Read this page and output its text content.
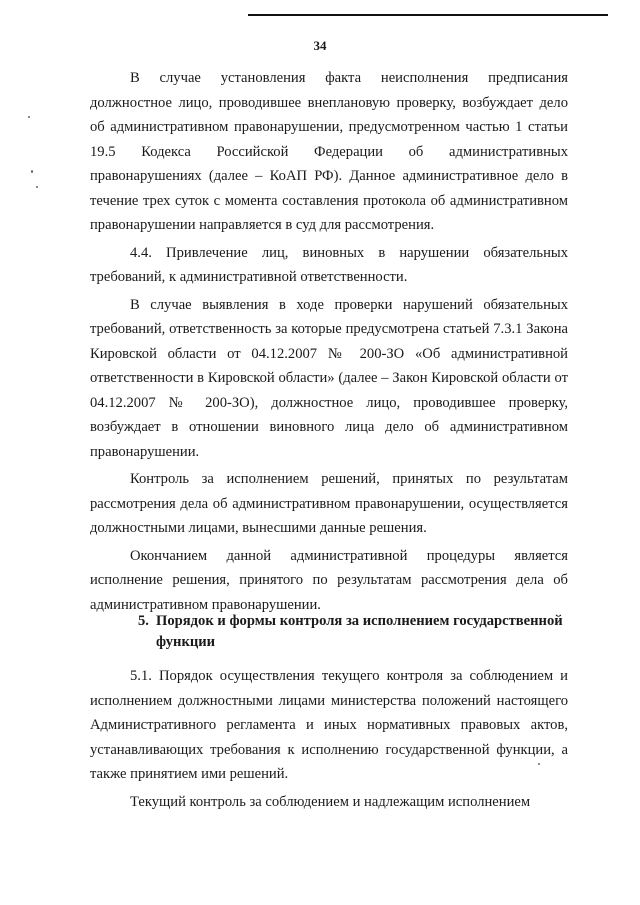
34

В случае установления факта неисполнения предписания должностное лицо, проводившее внеплановую проверку, возбуждает дело об административном правонарушении, предусмотренном частью 1 статьи 19.5 Кодекса Российской Федерации об административных правонарушениях (далее – КоАП РФ). Данное административное дело в течение трех суток с момента составления протокола об административном правонарушении направляется в суд для рассмотрения.

4.4. Привлечение лиц, виновных в нарушении обязательных требований, к административной ответственности.

В случае выявления в ходе проверки нарушений обязательных требований, ответственность за которые предусмотрена статьей 7.3.1 Закона Кировской области от 04.12.2007 № 200-ЗО «Об административной ответственности в Кировской области» (далее – Закон Кировской области от 04.12.2007 № 200-ЗО), должностное лицо, проводившее проверку, возбуждает в отношении виновного лица дело об административном правонарушении.

Контроль за исполнением решений, принятых по результатам рассмотрения дела об административном правонарушении, осуществляется должностными лицами, вынесшими данные решения.

Окончанием данной административной процедуры является исполнение решения, принятого по результатам рассмотрения дела об административном правонарушении.

5. Порядок и формы контроля за исполнением государственной
функции

5.1. Порядок осуществления текущего контроля за соблюдением и исполнением должностными лицами министерства положений настоящего Административного регламента и иных нормативных правовых актов, устанавливающих требования к исполнению государственной функции, а также принятием ими решений.

Текущий контроль за соблюдением и надлежащим исполнением
